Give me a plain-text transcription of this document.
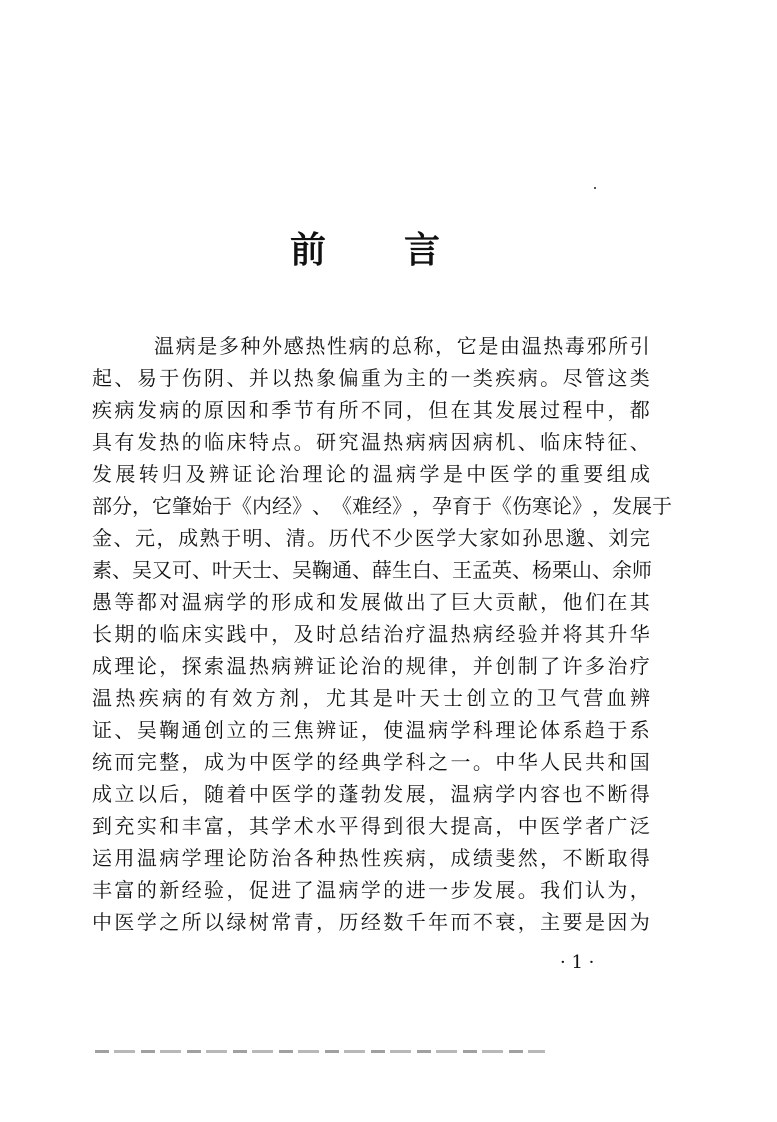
前 言
温 病 是 多 种 外 感 热 性 病 的 总 称 ， 它 是 由 温 热 毒 邪 所 引
起 、 易 于 伤 阴 、 并 以 热 象 偏 重 为 主 的 一 类 疾 病 。 尽 管 这 类
疾 病 发 病 的 原 因 和 季 节 有 所 不 同 ， 但 在 其 发 展 过 程 中 ， 都
具 有 发 热 的 临 床 特 点 。 研 究 温 热 病 病 因 病 机 、 临 床 特 征 、
发 展 转 归 及 辨 证 论 治 理 论 的 温 病 学 是 中 医 学 的 重 要 组 成
部 分 ， 它 肇 始 于 《 内 经 》 、 《 难 经 》 ， 孕 育 于 《 伤 寒 论 》 ， 发 展 于
金 、 元 ， 成 熟 于 明 、 清 。 历 代 不 少 医 学 大 家 如 孙 思 邈 、 刘 完
素 、 吴 又 可 、 叶 天 士 、 吴 鞠 通 、 薛 生 白 、 王 孟 英 、 杨 栗 山 、 余 师
愚 等 都 对 温 病 学 的 形 成 和 发 展 做 出 了 巨 大 贡 献 ， 他 们 在 其
长 期 的 临 床 实 践 中 ， 及 时 总 结 治 疗 温 热 病 经 验 并 将 其 升 华
成 理 论 ， 探 索 温 热 病 辨 证 论 治 的 规 律 ， 并 创 制 了 许 多 治 疗
温 热 疾 病 的 有 效 方 剂 ， 尤 其 是 叶 天 士 创 立 的 卫 气 营 血 辨
证 、 吴 鞠 通 创 立 的 三 焦 辨 证 ， 使 温 病 学 科 理 论 体 系 趋 于 系
统 而 完 整 ， 成 为 中 医 学 的 经 典 学 科 之 一 。 中 华 人 民 共 和 国
成 立 以 后 ， 随 着 中 医 学 的 蓬 勃 发 展 ， 温 病 学 内 容 也 不 断 得
到 充 实 和 丰 富 ， 其 学 术 水 平 得 到 很 大 提 高 ， 中 医 学 者 广 泛
运 用 温 病 学 理 论 防 治 各 种 热 性 疾 病 ， 成 绩 斐 然 ， 不 断 取 得
丰 富 的 新 经 验 ， 促 进 了 温 病 学 的 进 一 步 发 展 。 我 们 认 为 ，
中 医 学 之 所 以 绿 树 常 青 ， 历 经 数 千 年 而 不 衰 ， 主 要 是 因 为
· 1 ·
